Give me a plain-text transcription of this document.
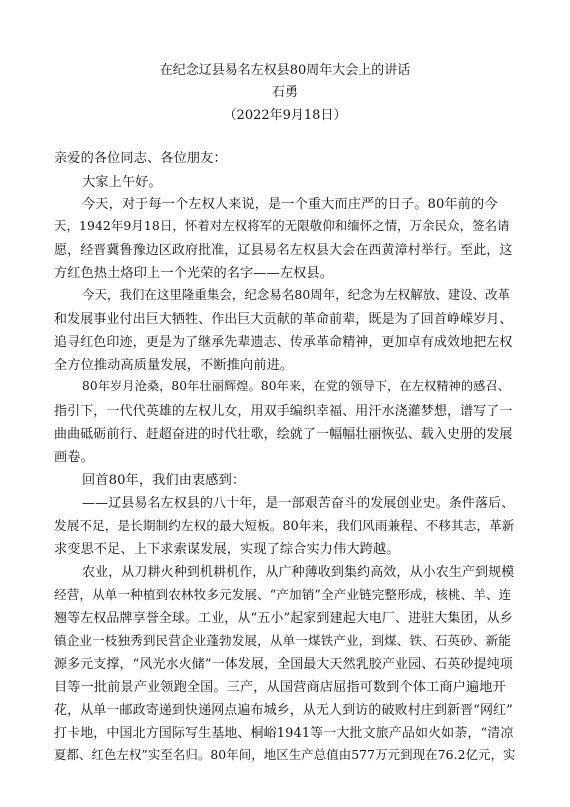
在纪念辽县易名左权县80周年大会上的讲话
石勇
（2022年9月18日）
亲爱的各位同志、各位朋友：
大家上午好。
今天，对于每一个左权人来说，是一个重大而庄严的日子。80年前的今
天，1942年9月18日，怀着对左权将军的无限敬仰和缅怀之情，万余民众，签名请
愿，经晋冀鲁豫边区政府批准，辽县易名左权县大会在西黄漳村举行。至此，这
方红色热土烙印上一个光荣的名字——左权县。
今天，我们在这里隆重集会，纪念易名80周年，纪念为左权解放、建设、改革
和发展事业付出巨大牺牲、作出巨大贡献的革命前辈，既是为了回首峥嵘岁月、
追寻红色印迹，更是为了继承先辈遗志、传承革命精神，更加卓有成效地把左权
全方位推动高质量发展，不断推向前进。
80年岁月沧桑，80年壮丽辉煌。80年来，在党的领导下，在左权精神的感召、
指引下，一代代英雄的左权儿女，用双手编织幸福、用汗水浇灌梦想，谱写了一
曲曲砥砺前行、赶超奋进的时代壮歌，绘就了一幅幅壮丽恢弘、载入史册的发展
画卷。
回首80年，我们由衷感到：
——辽县易名左权县的八十年，是一部艰苦奋斗的发展创业史。条件落后、
发展不足，是长期制约左权的最大短板。80年来，我们风雨兼程、不移其志，革新
求变思不足、上下求索谋发展，实现了综合实力伟大跨越。
农业，从刀耕火种到机耕机作，从广种薄收到集约高效，从小农生产到规模
经营，从单一种植到农林牧多元发展、“产加销”全产业链完整形成，核桃、羊、连
翘等左权品牌享誉全球。工业，从“五小”起家到建起大电厂、进驻大集团，从乡
镇企业一枝独秀到民营企业蓬勃发展，从单一煤铁产业，到煤、铁、石英砂、新能
源多元支撑，“风光水火储”一体发展，全国最大天然乳胶产业园、石英砂提纯项
目等一批前景产业领跑全国。三产，从国营商店屈指可数到个体工商户遍地开
花，从单一邮政寄递到快递网点遍布城乡，从无人到访的破败村庄到新晋“网红”
打卡地，中国北方国际写生基地、桐峪1941等一大批文旅产品如火如荼，“清凉
夏都、红色左权”实至名归。80年间，地区生产总值由577万元到现在76.2亿元，实
